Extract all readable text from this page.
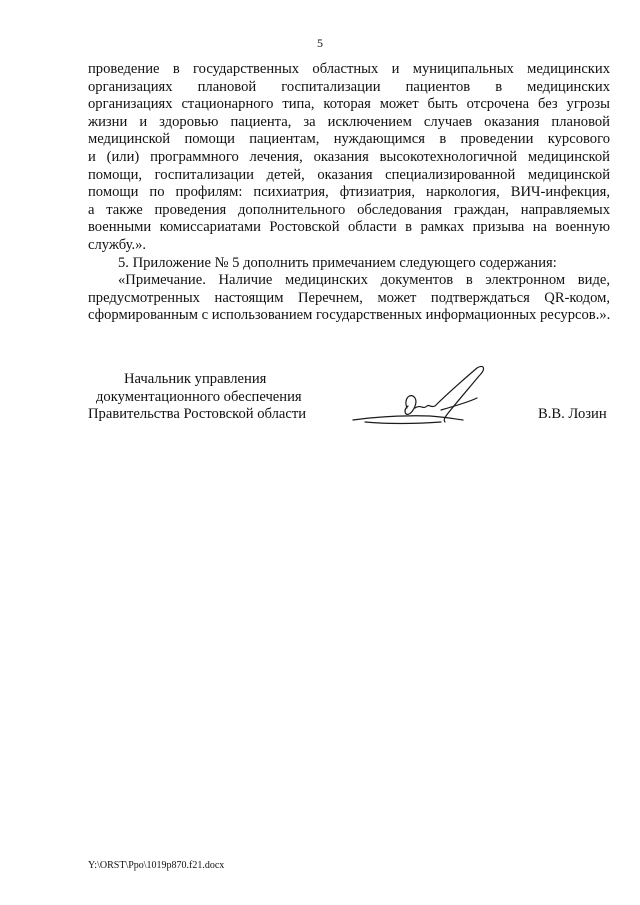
5
проведение в государственных областных и муниципальных медицинских
организациях плановой госпитализации пациентов в медицинских
организациях стационарного типа, которая может быть отсрочена без угрозы
жизни и здоровью пациента, за исключением случаев оказания плановой
медицинской помощи пациентам, нуждающимся в проведении курсового
и (или) программного лечения, оказания высокотехнологичной медицинской
помощи, госпитализации детей, оказания специализированной медицинской
помощи по профилям: психиатрия, фтизиатрия, наркология, ВИЧ-инфекция,
а также проведения дополнительного обследования граждан, направляемых
военными комиссариатами Ростовской области в рамках призыва на военную
службу.».
5. Приложение № 5 дополнить примечанием следующего содержания:
«Примечание. Наличие медицинских документов в электронном виде,
предусмотренных настоящим Перечнем, может подтверждаться QR-кодом,
сформированным с использованием государственных информационных ресурсов.».
Начальник управления
документационного обеспечения
Правительства Ростовской области	В.В. Лозин
Y:\ORST\Ppo\1019p870.f21.docx
